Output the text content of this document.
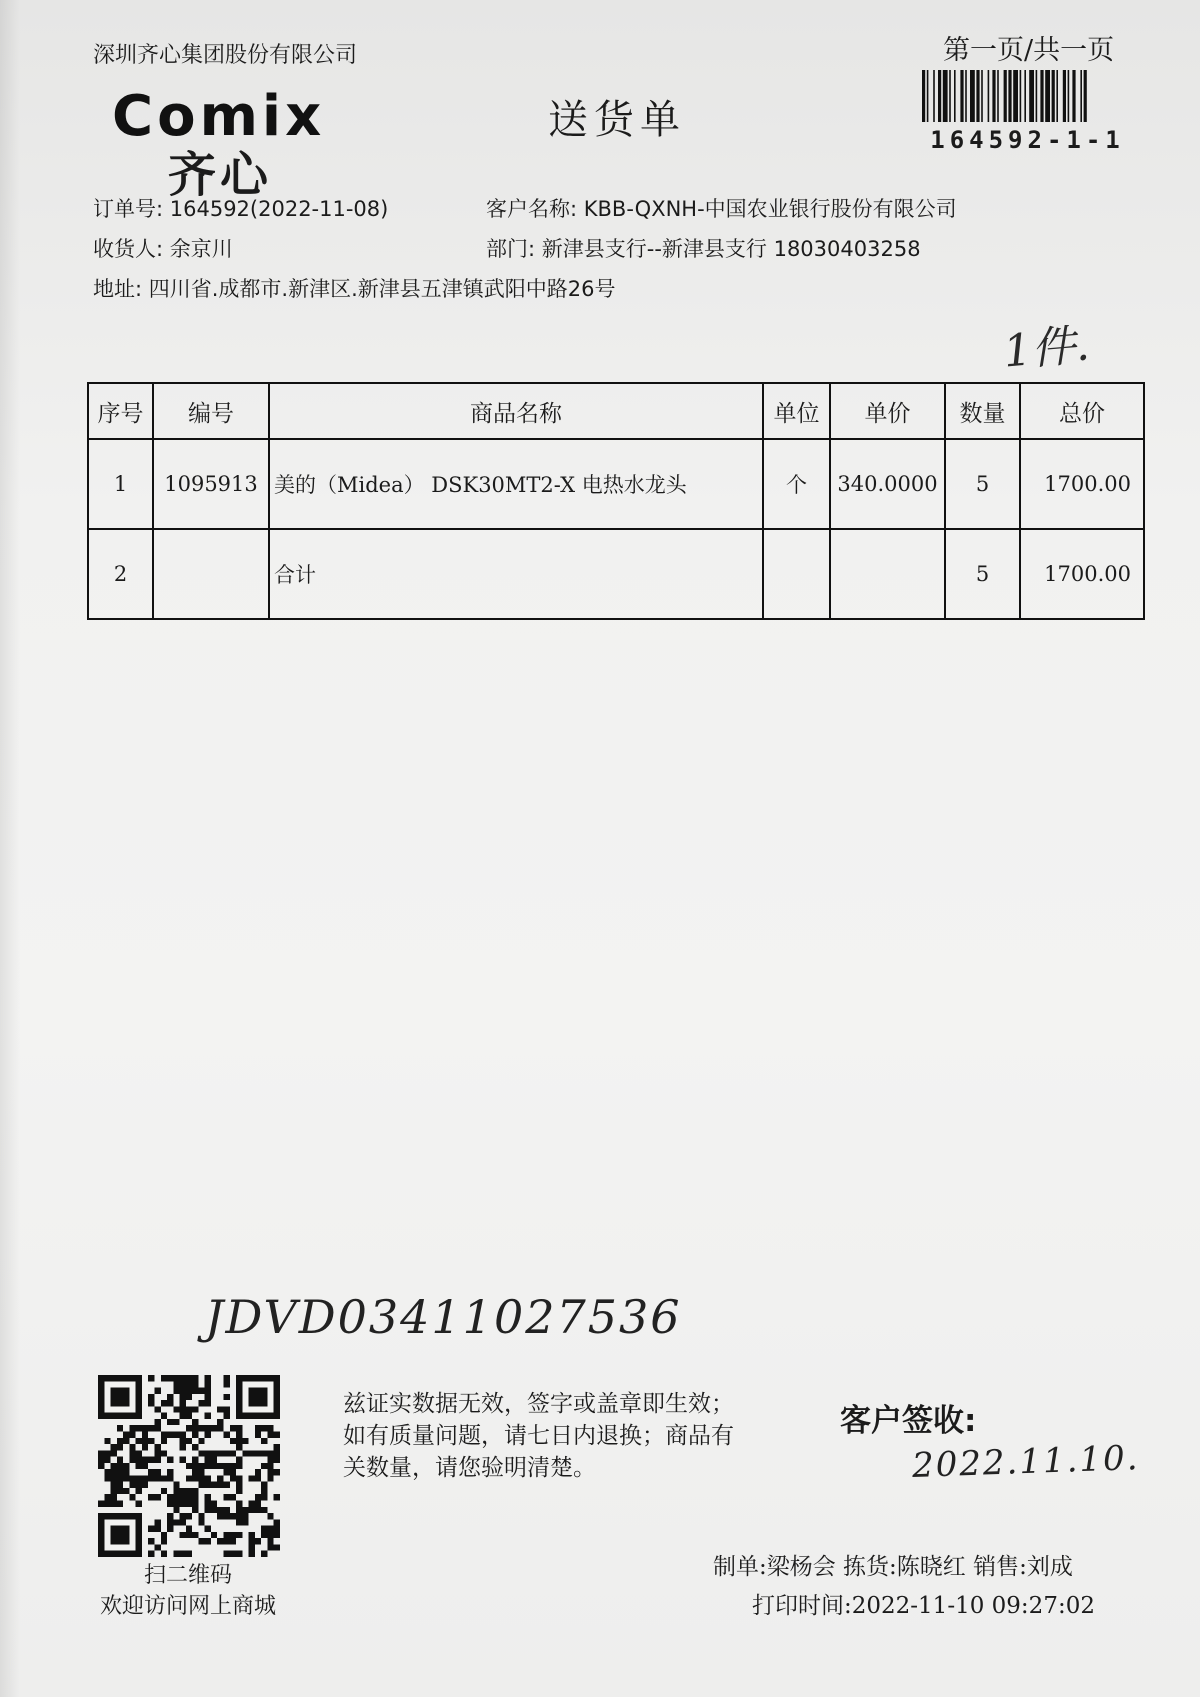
深圳齐心集团股份有限公司	第一页/共一页
164592-1-1
Comix
齐心
送货单
订单号: 164592(2022-11-08)	客户名称: KBB-QXNH-中国农业银行股份有限公司
收货人: 余京川	部门: 新津县支行--新津县支行 18030403258
地址: 四川省.成都市.新津区.新津县五津镇武阳中路26号
1件.
序号	编号	商品名称	单位	单价	数量	总价
1	1095913	美的（Midea） DSK30MT2-X 电热水龙头	个	340.0000	5	1700.00
2		合计			5	1700.00
JDVD03411027536
扫二维码
欢迎访问网上商城
兹证实数据无效，签字或盖章即生效；如有质量问题，请七日内退换；商品有关数量，请您验明清楚。
客户签收:
2022.11.10.
制单:梁杨会 拣货:陈晓红 销售:刘成
打印时间:2022-11-10 09:27:02
